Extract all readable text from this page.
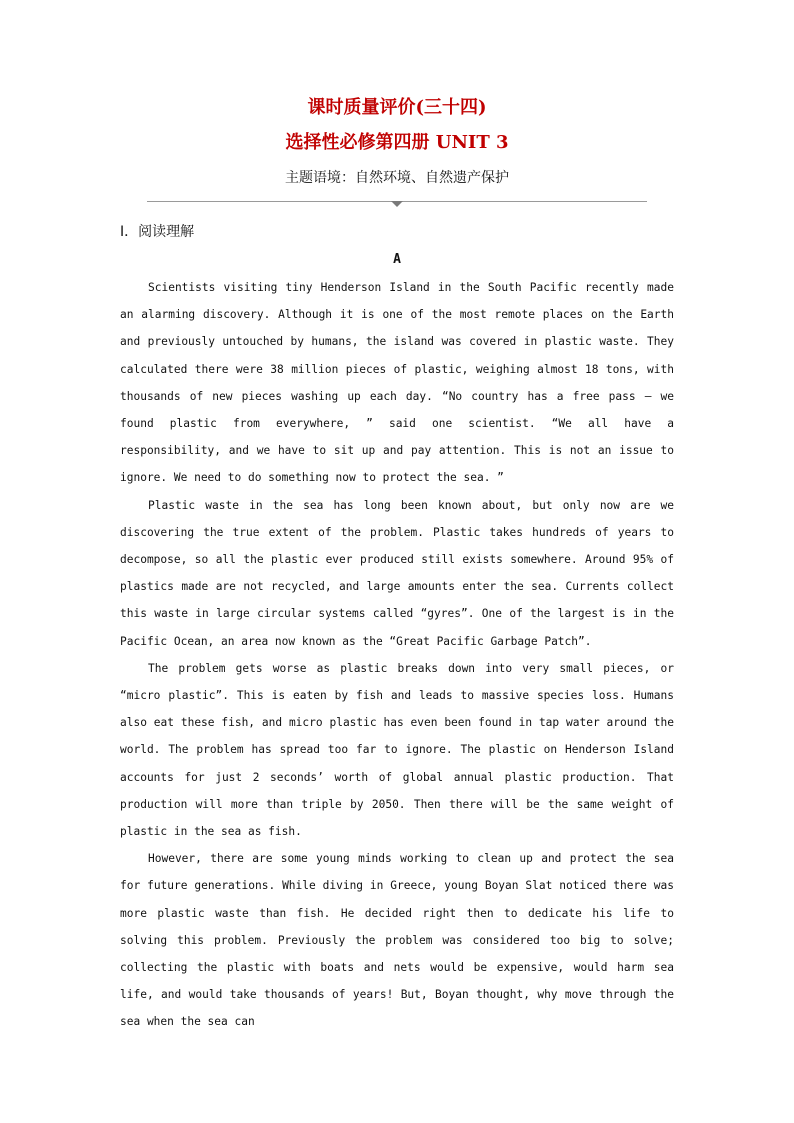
课时质量评价(三十四)
选择性必修第四册 UNIT 3
主题语境：自然环境、自然遗产保护
Ⅰ．阅读理解
A

Scientists visiting tiny Henderson Island in the South Pacific recently made an alarming discovery. Although it is one of the most remote places on the Earth and previously untouched by humans, the island was covered in plastic waste. They calculated there were 38 million pieces of plastic, weighing almost 18 tons, with thousands of new pieces washing up each day. “No country has a free pass — we found plastic from everywhere, ” said one scientist. “We all have a responsibility, and we have to sit up and pay attention. This is not an issue to ignore. We need to do something now to protect the sea. ”

Plastic waste in the sea has long been known about, but only now are we discovering the true extent of the problem. Plastic takes hundreds of years to decompose, so all the plastic ever produced still exists somewhere. Around 95% of plastics made are not recycled, and large amounts enter the sea. Currents collect this waste in large circular systems called “gyres”. One of the largest is in the Pacific Ocean, an area now known as the “Great Pacific Garbage Patch”.

The problem gets worse as plastic breaks down into very small pieces, or “micro plastic”. This is eaten by fish and leads to massive species loss. Humans also eat these fish, and micro plastic has even been found in tap water around the world. The problem has spread too far to ignore. The plastic on Henderson Island accounts for just 2 seconds’ worth of global annual plastic production. That production will more than triple by 2050. Then there will be the same weight of plastic in the sea as fish.

However, there are some young minds working to clean up and protect the sea for future generations. While diving in Greece, young Boyan Slat noticed there was more plastic waste than fish. He decided right then to dedicate his life to solving this problem. Previously the problem was considered too big to solve; collecting the plastic with boats and nets would be expensive, would harm sea life, and would take thousands of years! But, Boyan thought, why move through the sea when the sea can
